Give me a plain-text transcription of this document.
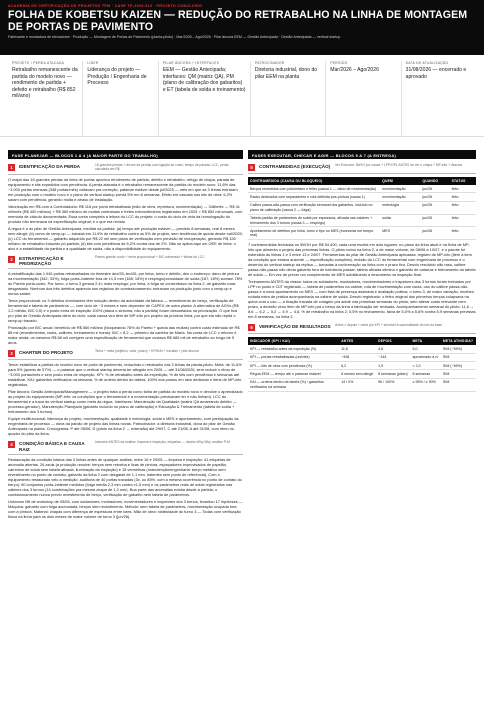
ACADEMIA DE CERTIFICAÇÃO DE PROJETOS TPM · CASE TP-2026-013 · PROJETO CONCLUÍDO
FOLHA DE KOBETSU KAIZEN — REDUÇÃO DO RETRABALHO NA LINHA DE MONTAGEM DE PORTAS DE PAVIMENTO
Fabricante e montadora de elevadores · Produção — Montagem de Portas de Pavimento (planta-piloto) · Mar/2026 – Ago/2026 · Pilar âncora EEM — Gestão Antecipada · Gestão Antecipada — vertical startup
PROJETO / PERDA ATACADA
Retrabalho remanescente da partida do modelo novo — rendimento de partida + defeito e retrabalho (R$ 852 mil/ano)
LÍDER
Liderança do projeto — Produção / Engenharia de Processo
PILAR ÂNCORA + INTERFACES
EEM — Gestão Antecipada; interfaces: QM (matriz QA), PM (plano de calibração dos gabaritos) e ET (tabela de solda e treinamento)
PATROCINADOR
Diretoria industrial, dono do pilar EEM na planta
PERÍODO
Mar/2026 – Ago/2026
DATA DE ATUALIZAÇÃO
31/08/2026 — encerrado e aprovado
FASE PLANEJAR — BLOCOS 1 A 4 (A MAIOR PARTE DO TRABALHO)
1	IDENTIFICAÇÃO DA PERDA	16 grandes perdas + árvore de perdas com ligação ao custo, tempo de parada, LCC, perda calculada em R$

O mapa das 16 grandes perdas da linha de portas apontou rendimento de partida, defeito e retrabalho, refugo de chapa, parada de equipamento e kits expedidos com pendência. A perda atacada é o retrabalho remanescente da partida do modelo novo: 11,6% das ~3.000 portas mensais (348 portas/mês) voltavam pra correção, patamar estável desde jul/2025 — mês em que as 3 linhas entraram em produção com o modelo novo e o plano de vertical startup previa 5% em 8 semanas. Efeito em cascata nos kits de obra: 6,2% saíam com pendência, gerando multa e atraso de instalação.

Valorização em R$ com a Controladoria: R$ 116 por porta retrabalhada (mão de obra, reprintura, movimentação) → 348/mês → R$ 41 mil/mês (R$ 492 mil/ano) + R$ 360 mil/ano de multas contratuais e fretes extraordinários registrados em 2025 = R$ 852 mil anuais, com memória de cálculo documentada. Essa conta completa a leitura do LCC do projeto: o custo do ciclo de vida da homologação do produto não terminava na especificação original; e o que era revisto.

A régua é a do pilar de Gestão Antecipada, medida na partida: (a) tempo até produção estável — previsto 8 semanas, real 8 meses sem atingir; (b) curva de ramp-up — travada em 11,6% de retrabalho contra os 5% de projeto, sem tendência de queda desde out/2025; (c) LCC do ferramental — gabarito adquirido por R$ 22 mil sem plano de verificação nem previsão de recuperação, gerando R$ 126 mil/ano de retrabalho induzido pó-partida; (d) kits com pendência de 6,2% contra dos de 2%. Não se aplica aqui um OEE de linha: o alvo é a estabilidade da partida e a qualidade de saída, não a disponibilidade do equipamento.

2	ESTRATIFICAÇÃO E PRIORIZAÇÃO
Pareto grande custo + tema proporcional + BIC sobrerado + falhas de LCC

A estratificação das 1.045 portas retrabalhadas do trimestre dez/25–fev/26, por linha, turno e defeito, deu o endereço: dano de pintura na movimentação (342; 33%), folga porta–batente fora de ±1,5 mm (188; 18%) e respingo/porosidade de solda (187; 18%) somam 78% do Pareto porta-custo. Por turno, o turno 3 gerava 2,4× mais respingo; por linha, a folga se concentrava na linha 2, de gabarito mais desgastado. Nenhum dos três defeitos aparecia nos registros de comissionamento: entravam na produção junto com o ramp-up e nunca saíam.

Tema proporcional: os 3 defeitos dominantes têm solução dentro da autoridade da fábrica — revestimento de berço, verificação de ferramental e tabela de parâmetros —, com ciclo de ~3 meses e sem depender de CAPEX de outra planta. A alternativa de AGVs (R$ 1,2 milhão, B/C 0,5) e o posto extra de inspeção 100% (ataca o sintoma, não a partida) foram descartados na priorização. O que fica pro pilar de Gestão Antecipada além do ciclo: cada causa vira item de MP-info pro projeto da próxima linha, por que ela não repita o ramp-up travado.

Priorização por B/C anual: benefício de R$ 560 mil/ano (bloqueando 78% do Pareto + queda das multas) contra custo estimado de R$ 68 mil (revestimentos, racks, calibres, treinamento e horas): B/C = 8,2 — primeiro da carteira de Mar/a. Na conta de LCC o retorno é maior ainda: os mesmos R$ 68 mil corrigem uma especificação de ferramental que custava R$ 680 mil de retrabalho ao longo de 5 anos.

3	CHARTER DO PROJETO	Tema + meta (objetivo, valor, prazo) + KPI/KAI + escalas + pilar âncora

Tema: estabilizar a partida do modelo novo de porta de pavimento, reduzindo o retrabalho nas 3 linhas da planta-piloto. Meta: de 11,6% para 5% (queda de 57%) — o patamar que o vertical startup deveria ter atingido em 2026 — até 31/08/2026, sem reduzir o ritmo de ~3.000 portas/mês e sem posto extra de inspeção. KPI: % de retrabalho antes da expedição, % de kits com pendência e semanas até estabilizar. KAI: gabaritos verificados na semana, % de ordens dentro do tabela, 100% dos postos em rack dedicado e itens de MP-info registrados.

Pilar âncora: Gestão Antecipada/Management — o projeto trata a perda como falha de partida do modelo novo e devolve o aprendizado ao projeto do equipamento (MP-info: os condições que o ferramental e a movimentação precisavam ter e não tinham). LCC do ferramental e a trava do vertical startup como meta da régua. Interfaces: Manutenção da Qualidade (matriz QA amarrando defeito ↔ processo-gerador), Manutenção Planejada (gabarito incluído no plano de calibração) e Educação & Treinamento (tabela de solda + treinamento dos 3 turnos).

Equipe multifuncional: liderança do projeto, movimentação, qualidade e metrologia, solda e MES e apontamento, com participação da engenharia de processo — dona da paixão de projeto das linhas novas. Patrocinador: a diretoria industrial, dona do pilar de Gestão Antecipada na planta. Cronograma: P até 05/06, D (piloto na linha 2 → extensão) até 29/07, C até 21/08, A até 31/08, com ritmo no quadro do pilar da linha.

4	CONDIÇÃO BÁSICA E CAUSA RAIZ
Inclusive ANTES da análise: limpeza e inspeção, etiquetas — depois Why-Why, análise P-M

Restauração da condição básica das 3 linhas antes de qualquer análise, entre 16 e 20/05 — limpeza e inspeção: 41 etiquetas de anomalia abertas, 26 azuis (a produção resolve: berços sem reborba e lixas de pintura, espaçadores improvisados de papelão, carrinhos de solda sem tabela afixada, iluminação da inspeção) e 15 vermelhas (manutenção/engenharia: berço metálico sem revestimento no ponto de contato, gabarito da linha 2 com desgaste de 1,1 mm, batentes sem ponto de referência). Com o equipamento restaurado veio a medição: auditoria de 40 portas travadas (3x, ou 85%, com a mesma ocorrência no ponto de contato do berço); 60 conjuntos porta–batente medidos (folga média 2,3 mm contra ±1,5 mm) e os parâmetros reais de solda registrados nas cabines dos 3 turnos (14 combinações pra mesma chapa de 1,2 mm). Boa parte das anomalias existia desde a partida, o comissionamento nunca previu revestimento de berço, verificação de gabarito nem tabela de parâmetros.

Unknown Mil de workshop de 05/26, com soldadores, montadores, movimentadores e inspetores dos 3 turnos, levantou 17 hipóteses — Máquina: gabarito com folga acumulada, berços sem revestimento. Método: sem tabela de parâmetros, movimentação ocupada fora com a pintura. Material: chapas com diferença de espessura entre lotes. Mão de obra: rotatividade do turno 3 — Todas com verificação física na linha para os dois meses de maior volume de turno 3 (jun/26).

FASES EXECUTAR, CHECAR E AGIR — BLOCOS 5 A 7 (A ENTREGA)
5	CONTRAMEDIDAS (EXECUÇÃO) Ver Executar: 5W1H por causa + LPP/OPL ANTES de ver o chapa + MP-info + desvios
CONTRAMEDIDA (CAUSA OU BLOQUEIO)	QUEM	QUANDO	STATUS
Berços revestidos com poliuretano e feltro (causa 1 — dano de movimentação)	movimentação	jun/26	feito
Racks dedicados com separadores e rota definida pós-pintura (causa 1)	movimentação	jun/26	feito
Calibre passa-não-passa com verificação semanal dos gabaritos, incluído no plano de calibração (causa 2 — folga)	metrologia	jun/26	feito
Tabela padrão de parâmetros de solda por espessura, afixada nas cabines + treinamento dos 3 turnos (causa 3 — respingo)	solda	jun/26	feito
Apontamento de defeitos por linha, turno e tipo no MES (economia em tempo real)	MES	jun/26	feito

7 contramedidas fechadas no 5W1H por R$ 54.400, cada uma escrita em dois lugares: no plano da linha atual e na ficha de MP-info que alimenta o projeto das próximas linhas. O piloto rodou na linha 2, a de maior volume, de 08/06 a 10/07, e o pacote foi estendido às linhas 1 e 3 entre 13 e 24/07. Ferramentas do pilar de Gestão Antecipada aplicadas: registro de MP-info (item a item da condição que estava ausente — especificação completa), revisão do LCC do ferramental com engenharia de processo e o desenho do vertical startup da réplica — tornadas à conformação na linha com o prazo fixo. Desvio resolvido não raso, calibre passa-não-passa não devia gabarito fora de tolerância passar; tabela afixada elimina o gabarito de catarraz e treinamento da tabela de solda — Em vez de prever um complemento de MES substituindo a descoberta na inspeção final.

Treinamento ANTES da virada: todos os soldadores, montadores, movimentadores e inspetores dos 3 turnos foram treinados por LPP no posto e OJT registrado — tabela de parâmetros na cabine, rota de movimentação com racks, uso do calibre passa-não-passa e a nova apontamento no MES — com lista de presença assinada e avaliação prática; o turno 3, de maior variação, recebeu rodada extra de prática acompanhada na cabine de solda. Desvio registrado: o feltro original dos primeiros berços colapsava na quina com o uso — a fixação travada de colagem pra adote nas primeiras semanas do piloto, sem alterar custo relevante nem prazo, a decisão virou item de MP-info pra o berço da linha a fabricação ser revisada. Acompanhamento semanal do piloto: 11,6 → 8,6 → 6,2 → 5,2 → 4,9 → 4,6, % de retrabalho na linha 2; 5,5% no fechamento, faixa de 5,0% a 5,6% contra 5,9 semanas previstas em 8 semanas, na linha 2.

6	VERIFICAÇÃO DE RESULTADOS Antes × depois + meta por KPI + sensível à sazonalidade do mix da base
INDICADOR (KPI / KAI)	ANTES	DEPOIS	META	META ATINGIDA?
KPI — retrabalho antes da expedição (%)	11,6	4,8	5,0	SIM (−59%)
KPI — portas retrabalhadas (un/mês)	~348	~144	aproximado a rv	SIM
KPI — kits de obra com pendência (%)	6,2	1,9	< 2,0	SIM (−69%)
Régua EEM — tempo até o patamar estável	8 meses sem atingir	8 semanas (piloto)	8 semanas	SIM
KAI — ordens dentro da tabela (%) / gabaritos verificados na semana	14 / 0%	96 / 100%	≥ 95% / ≥ 90%	SIM
